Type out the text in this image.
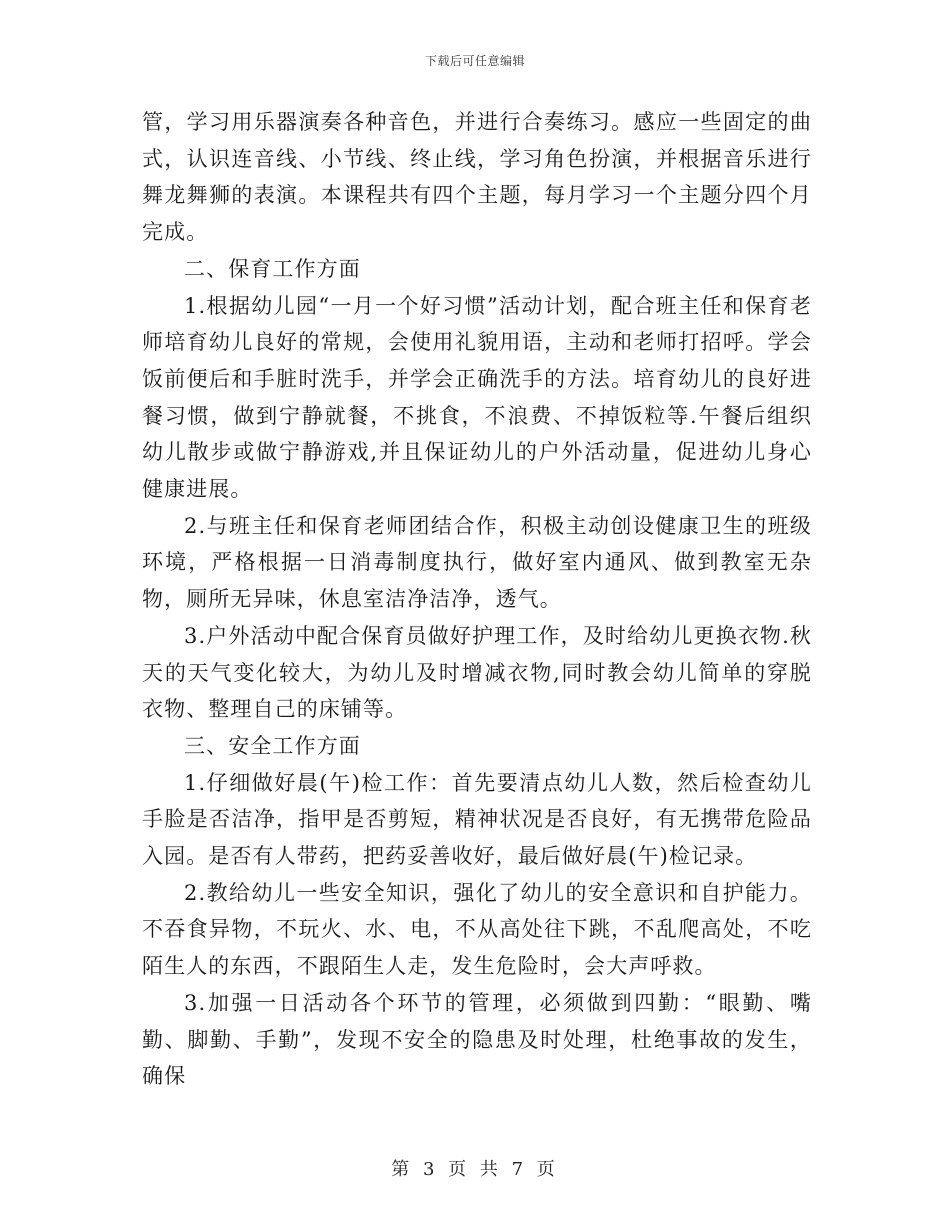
下载后可任意编辑

管，学习用乐器演奏各种音色，并进行合奏练习。感应一些固定的曲式，认识连音线、小节线、终止线，学习角色扮演，并根据音乐进行舞龙舞狮的表演。本课程共有四个主题，每月学习一个主题分四个月完成。

二、保育工作方面

1.根据幼儿园“一月一个好习惯”活动计划，配合班主任和保育老师培育幼儿良好的常规，会使用礼貌用语，主动和老师打招呼。学会饭前便后和手脏时洗手，并学会正确洗手的方法。培育幼儿的良好进餐习惯，做到宁静就餐，不挑食，不浪费、不掉饭粒等.午餐后组织幼儿散步或做宁静游戏,并且保证幼儿的户外活动量，促进幼儿身心健康进展。

2.与班主任和保育老师团结合作，积极主动创设健康卫生的班级环境，严格根据一日消毒制度执行，做好室内通风、做到教室无杂物，厕所无异味，休息室洁净洁净，透气。

3.户外活动中配合保育员做好护理工作，及时给幼儿更换衣物.秋天的天气变化较大，为幼儿及时增减衣物,同时教会幼儿简单的穿脱衣物、整理自己的床铺等。

三、安全工作方面

1.仔细做好晨(午)检工作：首先要清点幼儿人数，然后检查幼儿手脸是否洁净，指甲是否剪短，精神状况是否良好，有无携带危险品入园。是否有人带药，把药妥善收好，最后做好晨(午)检记录。

2.教给幼儿一些安全知识，强化了幼儿的安全意识和自护能力。不吞食异物，不玩火、水、电，不从高处往下跳，不乱爬高处，不吃陌生人的东西，不跟陌生人走，发生危险时，会大声呼救。

3.加强一日活动各个环节的管理，必须做到四勤：“眼勤、嘴勤、脚勤、手勤”，发现不安全的隐患及时处理，杜绝事故的发生，确保

第 3 页 共 7 页
